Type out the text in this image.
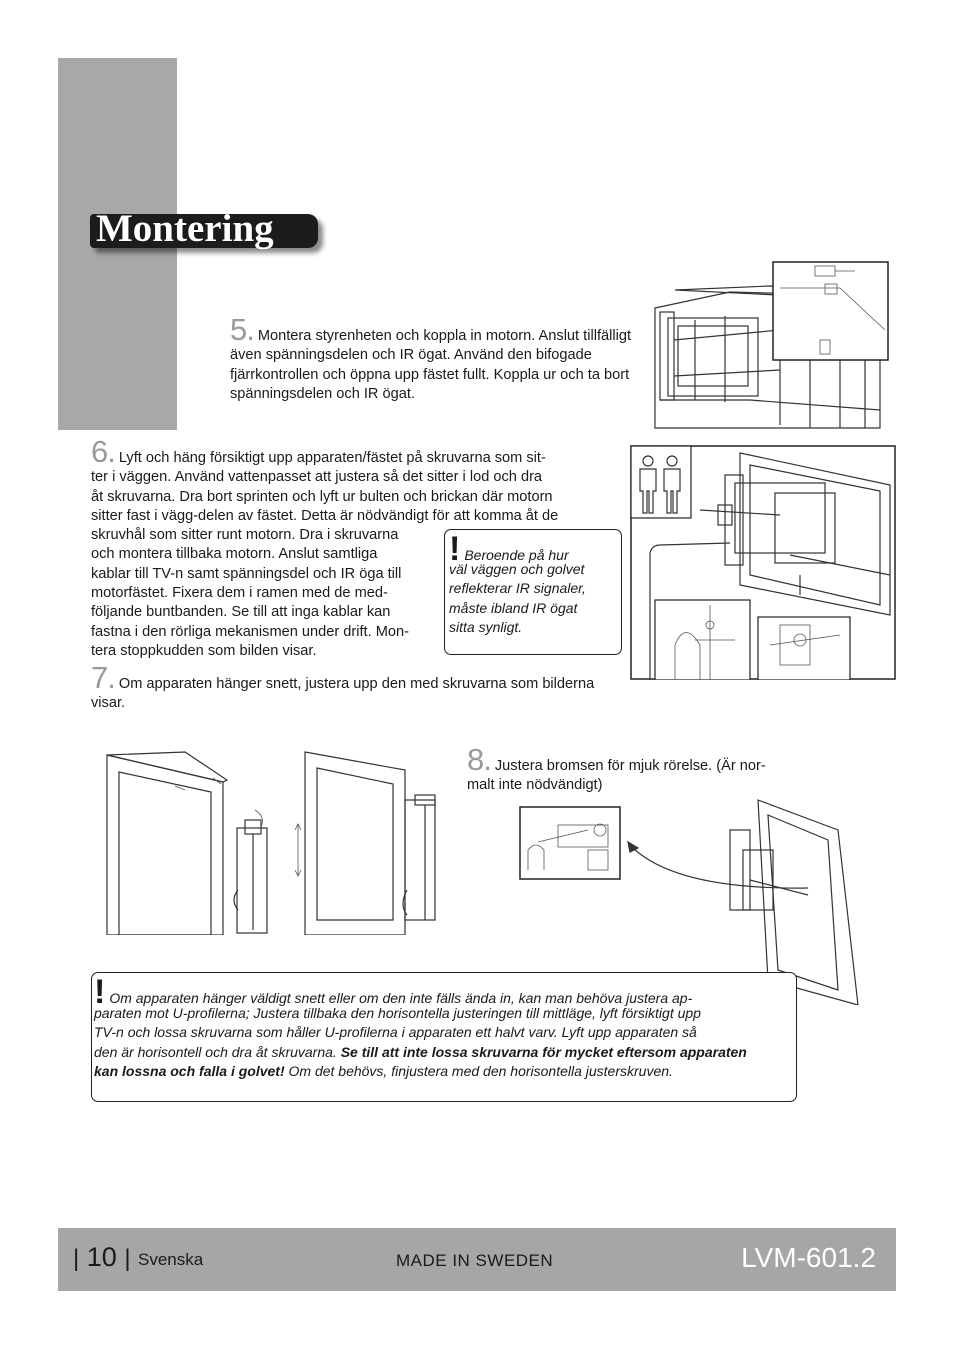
Montering
5. Montera styrenheten och koppla in motorn. Anslut tillfälligt även spänningsdelen och IR ögat. Använd den bifogade fjärrkontrollen och öppna upp fästet fullt. Koppla ur och ta bort spänningsdelen och IR ögat.
6. Lyft och häng försiktigt upp apparaten/fästet på skruvarna som sit-
ter i väggen. Använd vattenpasset att justera så det sitter i lod och dra
åt skruvarna. Dra bort sprinten och lyft ur bulten och brickan där motorn
sitter fast i vägg-delen av fästet. Detta är nödvändigt för att komma åt de
skruvhål som sitter runt motorn. Dra i skruvarna
och montera tillbaka motorn. Anslut samtliga
kablar till TV-n samt spänningsdel och IR öga till
motorfästet. Fixera dem i ramen med de med-
följande buntbanden. Se till att inga kablar kan
fastna i den rörliga mekanismen under drift. Mon-
tera stoppkudden som bilden visar.
! Beroende på hur
väl väggen och golvet
reflekterar IR signaler,
måste ibland IR ögat
sitta synligt.
7. Om apparaten hänger snett, justera upp den med skruvarna som bilderna visar.
8. Justera bromsen för mjuk rörelse. (Är nor-
malt inte nödvändigt)
! Om apparaten hänger väldigt snett eller om den inte fälls ända in, kan man behöva justera ap-
paraten mot U-profilerna; Justera tillbaka den horisontella justeringen till mittläge, lyft försiktigt upp
TV-n och lossa skruvarna som håller U-profilerna i apparaten ett halvt varv. Lyft upp apparaten så
den är horisontell och dra åt skruvarna. Se till att inte lossa skruvarna för mycket eftersom apparaten
kan lossna och falla i golvet! Om det behövs, finjustera med den horisontella justerskruven.
| 10 | Svenska	MADE IN SWEDEN	LVM-601.2
